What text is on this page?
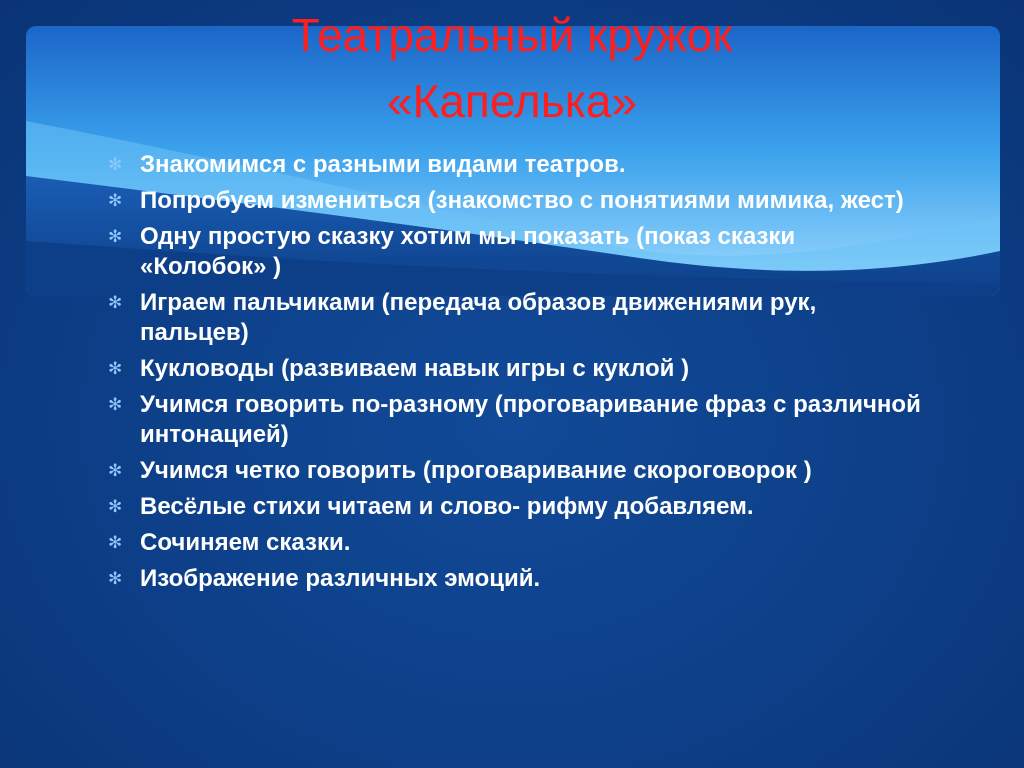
Театральный кружок
«Капелька»
✻ Знакомимся с разными видами театров.
✻ Попробуем измениться (знакомство с понятиями мимика, жест)
✻ Одну простую сказку хотим мы показать (показ сказки «Колобок» )
✻ Играем пальчиками (передача образов движениями рук, пальцев)
✻ Кукловоды (развиваем навык игры с куклой )
✻ Учимся говорить по-разному (проговаривание фраз с различной интонацией)
✻ Учимся четко говорить (проговаривание скороговорок )
✻ Весёлые стихи читаем и слово- рифму добавляем.
✻ Сочиняем сказки.
✻ Изображение различных эмоций.
